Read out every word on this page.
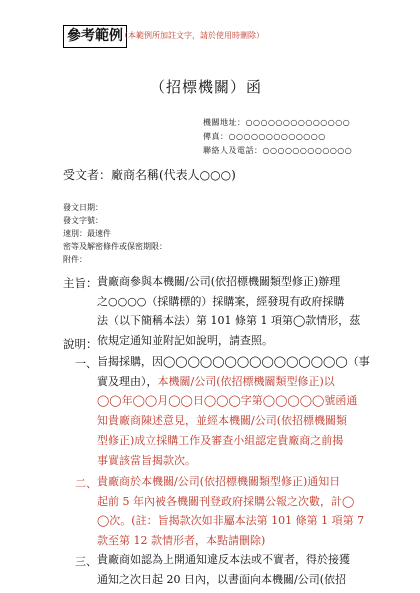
參考範例
（本範例所加註文字，請於使用時刪除）
（招標機關）函
機關地址：○○○○○○○○○○○○○○
傳真：○○○○○○○○○○○○○
聯絡人及電話：○○○○○○○○○○○○
受文者：廠商名稱(代表人○○○)
發文日期：
發文字號：
速別：最速件
密等及解密條件或保密期限：
附件：
主旨： 貴廠商參與本機關/公司(依招標機關類型修正)辦理
之○○○○（採購標的）採購案，經發現有政府採購
法（以下簡稱本法）第 101 條第 1 項第◯款情形，茲
依規定通知並附記如說明，請查照。
說明：
一、 旨揭採購，因◯◯◯◯◯◯◯◯◯◯◯◯◯◯◯（事
實及理由），本機關/公司(依招標機關類型修正)以
◯◯年◯◯月◯◯日◯◯◯字第◯◯◯◯◯號函通
知貴廠商陳述意見，並經本機關/公司(依招標機關類
型修正)成立採購工作及審查小組認定貴廠商之前揭
事實該當旨揭款次。
二、 貴廠商於本機關/公司(依招標機關類型修正)通知日
起前 5 年內被各機關刊登政府採購公報之次數，計◯
◯次。(註：旨揭款次如非屬本法第 101 條第 1 項第 7
款至第 12 款情形者，本點請刪除)
三、 貴廠商如認為上開通知違反本法或不實者，得於接獲
通知之次日起 20 日內，以書面向本機關/公司(依招
